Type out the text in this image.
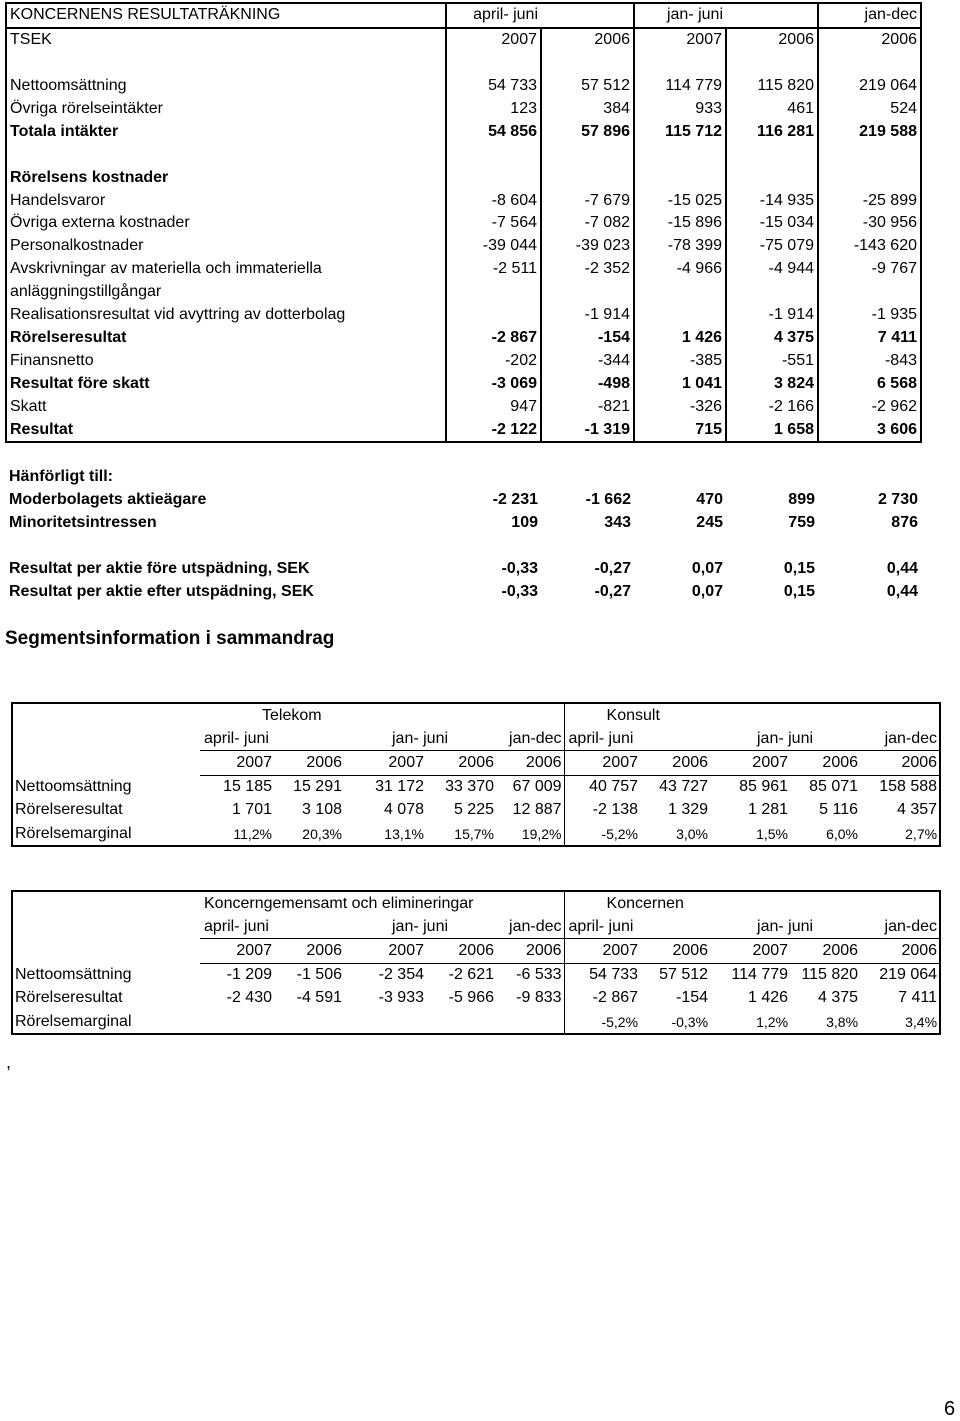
KONCERNENS RESULTATRÄKNING	april- juni		jan- juni		jan-dec
TSEK	2007	2006	2007	2006	2006

Nettoomsättning	54 733	57 512	114 779	115 820	219 064
Övriga rörelseintäkter	123	384	933	461	524
Totala intäkter	54 856	57 896	115 712	116 281	219 588

Rörelsens kostnader					
Handelsvaror	-8 604	-7 679	-15 025	-14 935	-25 899
Övriga externa kostnader	-7 564	-7 082	-15 896	-15 034	-30 956
Personalkostnader	-39 044	-39 023	-78 399	-75 079	-143 620
Avskrivningar av materiella och immateriella anläggningstillgångar	-2 511	-2 352	-4 966	-4 944	-9 767
Realisationsresultat vid avyttring av dotterbolag		-1 914		-1 914	-1 935
Rörelseresultat	-2 867	-154	1 426	4 375	7 411
Finansnetto	-202	-344	-385	-551	-843
Resultat före skatt	-3 069	-498	1 041	3 824	6 568
Skatt	947	-821	-326	-2 166	-2 962
Resultat	-2 122	-1 319	715	1 658	3 606

Hänförligt till:					
Moderbolagets aktieägare	-2 231	-1 662	470	899	2 730
Minoritetsintressen	109	343	245	759	876

Resultat per aktie före utspädning, SEK	-0,33	-0,27	0,07	0,15	0,44
Resultat per aktie efter utspädning, SEK	-0,33	-0,27	0,07	0,15	0,44
Segmentsinformation i sammandrag
	Telekom					Konsult				
	april- juni		jan- juni		jan-dec	april- juni		jan- juni		jan-dec
	2007	2006	2007	2006	2006	2007	2006	2007	2006	2006
Nettoomsättning	15 185	15 291	31 172	33 370	67 009	40 757	43 727	85 961	85 071	158 588
Rörelseresultat	1 701	3 108	4 078	5 225	12 887	-2 138	1 329	1 281	5 116	4 357
Rörelsemarginal	11,2%	20,3%	13,1%	15,7%	19,2%	-5,2%	3,0%	1,5%	6,0%	2,7%
	Koncerngemensamt och elimineringar					Koncernen				
	april- juni		jan- juni		jan-dec	april- juni		jan- juni		jan-dec
	2007	2006	2007	2006	2006	2007	2006	2007	2006	2006
Nettoomsättning	-1 209	-1 506	-2 354	-2 621	-6 533	54 733	57 512	114 779	115 820	219 064
Rörelseresultat	-2 430	-4 591	-3 933	-5 966	-9 833	-2 867	-154	1 426	4 375	7 411
Rörelsemarginal						-5,2%	-0,3%	1,2%	3,8%	3,4%
,
6
